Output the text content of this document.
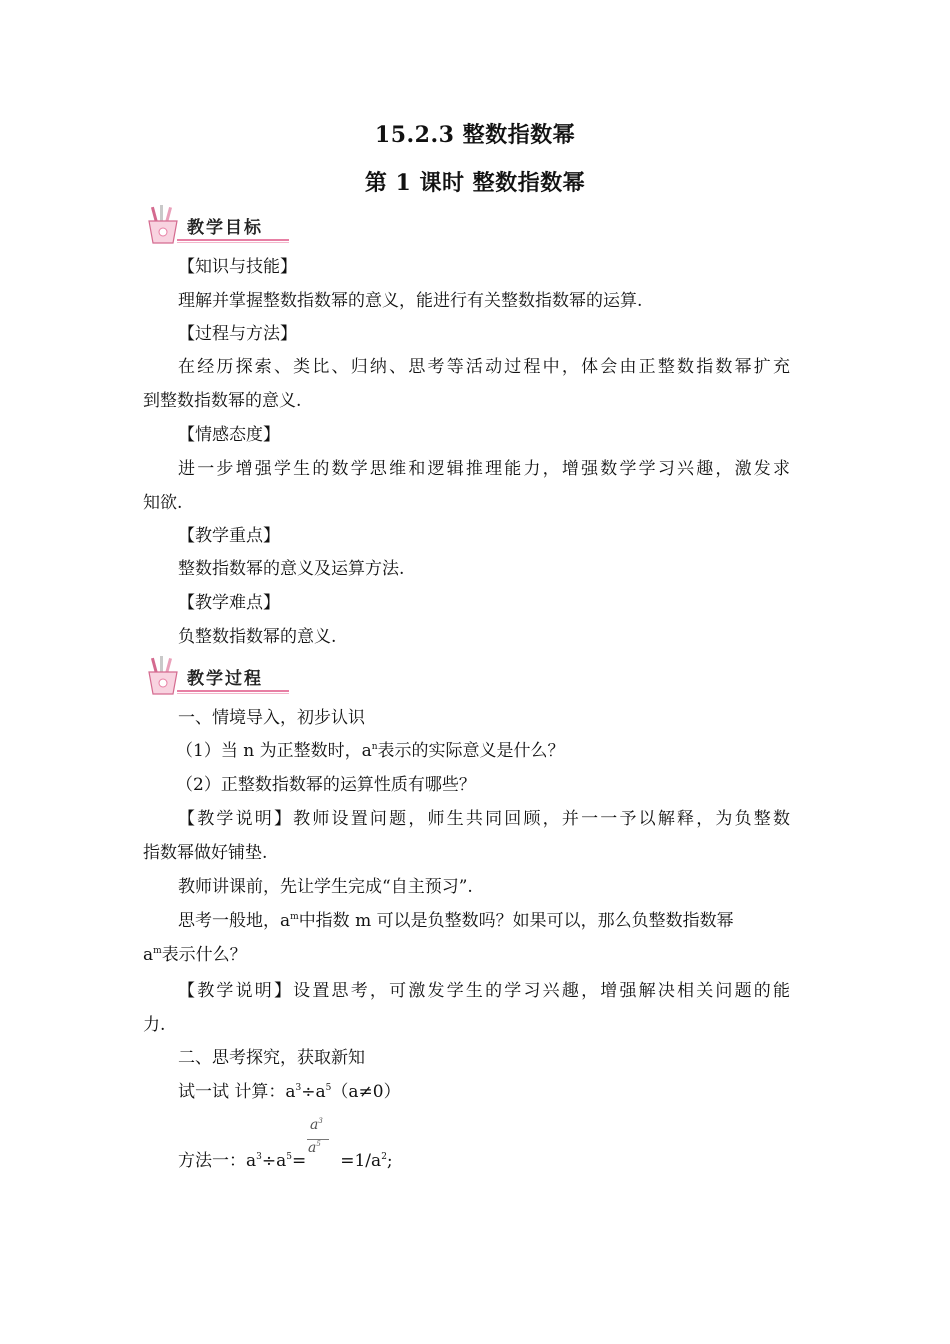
15.2.3 整数指数幂
第 1 课时 整数指数幂
教学目标
【知识与技能】
理解并掌握整数指数幂的意义，能进行有关整数指数幂的运算.
【过程与方法】
在经历探索、类比、归纳、思考等活动过程中，体会由正整数指数幂扩充
到整数指数幂的意义.
【情感态度】
进一步增强学生的数学思维和逻辑推理能力，增强数学学习兴趣，激发求
知欲.
【教学重点】
整数指数幂的意义及运算方法.
【教学难点】
负整数指数幂的意义.
教学过程
一、情境导入，初步认识
（1）当 n 为正整数时，$a^n$表示的实际意义是什么？
（2）正整数指数幂的运算性质有哪些？
【教学说明】教师设置问题，师生共同回顾，并一一予以解释，为负整数
指数幂做好铺垫.
教师讲课前，先让学生完成“自主预习”.
思考一般地，$a^m$中指数 m 可以是负整数吗？如果可以，那么负整数指数幂
$a^m$表示什么？
【教学说明】设置思考，可激发学生的学习兴趣，增强解决相关问题的能
力.
二、思考探究，获取新知
试一试 计算：$a^3\div a^5(a\ne 0)$
$a^3$
$a^5$
方法一：$a^3\div a^5= =1/a^2$;
